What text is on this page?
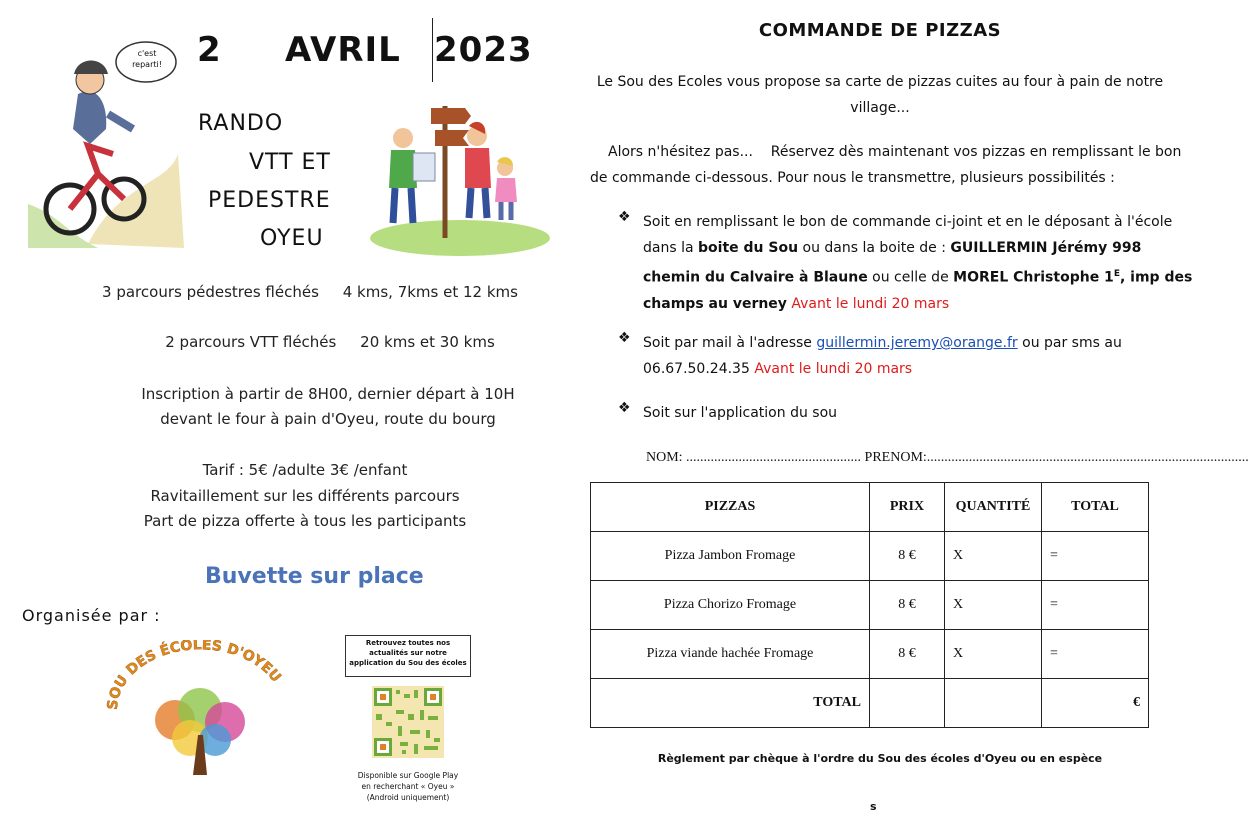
c'est
reparti!	2 AVRIL 2023
RANDO
VTT ET
PEDESTRE
OYEU
3 parcours pédestres fléchés     4 kms, 7kms et 12 kms
2 parcours VTT fléchés     20 kms et 30 kms
Inscription à partir de 8H00, dernier départ à 10H
devant le four à pain d'Oyeu, route du bourg
Tarif : 5€ /adulte 3€ /enfant
Ravitaillement sur les différents parcours
Part de pizza offerte à tous les participants
Buvette sur place
Organisée par :
SOU DES ÉCOLES D'OYEU
Retrouvez toutes nos
actualités sur notre
application du Sou des écoles
Disponible sur Google Play
en recherchant « Oyeu »
(Android uniquement)
COMMANDE DE PIZZAS
Le Sou des Ecoles vous propose sa carte de pizzas cuites au four à pain de notre
village...
Alors n'hésitez pas...    Réservez dès maintenant vos pizzas en remplissant le bon
de commande ci-dessous. Pour nous le transmettre, plusieurs possibilités :
❖ Soit en remplissant le bon de commande ci-joint et en le déposant à l'école
dans la boite du Sou ou dans la boite de : GUILLERMIN Jérémy 998
chemin du Calvaire à Blaune ou celle de MOREL Christophe $1^E$, imp des
champs au verney Avant le lundi 20 mars
❖ Soit par mail à l'adresse guillermin.jeremy@orange.fr ou par sms au
06.67.50.24.35 Avant le lundi 20 mars
❖ Soit sur l'application du sou
NOM: .................................................. PRENOM:............................................................................................
PIZZAS	PRIX	QUANTITÉ	TOTAL
Pizza Jambon Fromage	8 €	X	=
Pizza Chorizo Fromage	8 €	X	=
Pizza viande hachée Fromage	8 €	X	=
TOTAL			€
Règlement par chèque à l'ordre du Sou des écoles d'Oyeu ou en espèce
s
